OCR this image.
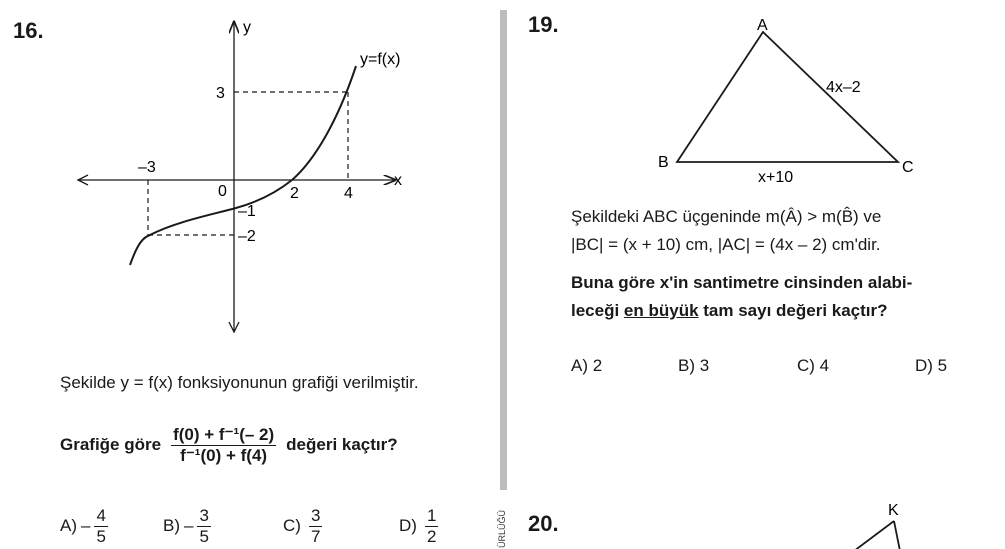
16.	y
x
y=f(x)
3
–3
0	2	4
–1
–2
Şekilde y = f(x) fonksiyonunun grafiği verilmiştir.
Grafiğe göre $\frac{\text{f(0) + f⁻¹(– 2)}}{\text{f⁻¹(0) + f(4)}}$ değeri kaçtır?
$A) - \frac{4}{5}$	$B) - \frac{3}{5}$	$C) \frac{3}{7}$	$D) \frac{1}{2}$	ÜRLÜĞÜ
19.	A
B	C
4x–2
x+10
Şekildeki ABC üçgeninde m(Â) > m(B̂) ve
|BC| = (x + 10) cm, |AC| = (4x – 2) cm'dir.
Buna göre x'in santimetre cinsinden alabi-
leceği en büyük tam sayı değeri kaçtır?
A) 2	B) 3	C) 4	D) 5
20.
K
